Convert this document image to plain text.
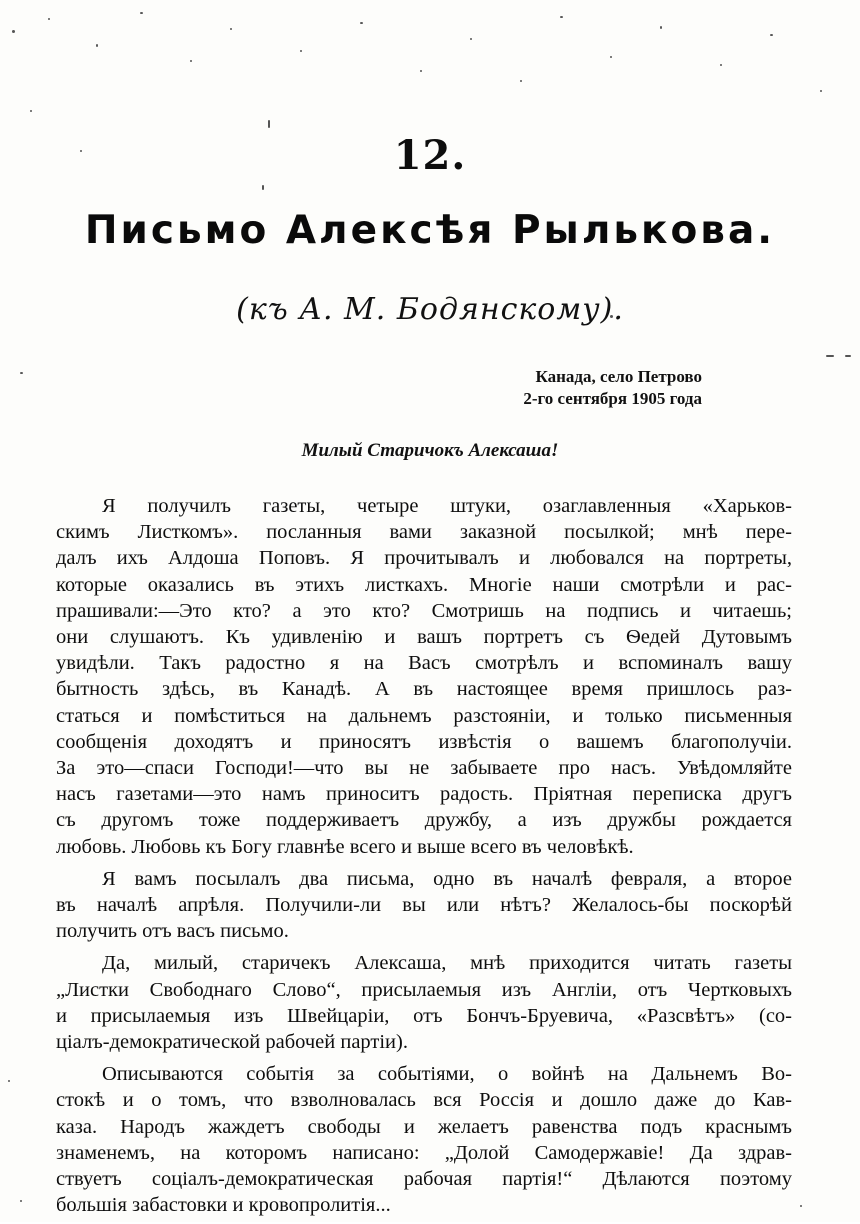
12.
Письмо Алексѣя Рылькова.
(къ А. М. Бодянскому).
Канада, село Петрово
2-го сентября 1905 года
Милый Старичокъ Алексаша!
Я получилъ газеты, четыре штуки, озаглавленныя «Харьков-
скимъ Листкомъ». посланныя вами заказной посылкой; мнѣ пере-
далъ ихъ Алдоша Поповъ. Я прочитывалъ и любовался на портреты,
которые оказались въ этихъ листкахъ. Многіе наши смотрѣли и рас-
прашивали:—Это кто? а это кто? Смотришь на подпись и читаешь;
они слушаютъ. Къ удивленію и вашъ портретъ съ Ѳедей Дутовымъ
увидѣли. Такъ радостно я на Васъ смотрѣлъ и вспоминалъ вашу
бытность здѣсь, въ Канадѣ. А въ настоящее время пришлось раз-
статься и помѣститься на дальнемъ разстояніи, и только письменныя
сообщенія доходятъ и приносятъ извѣстія о вашемъ благополучіи.
За это—спаси Господи!—что вы не забываете про насъ. Увѣдомляйте
насъ газетами—это намъ приноситъ радость. Пріятная переписка другъ
съ другомъ тоже поддерживаетъ дружбу, а изъ дружбы рождается
любовь. Любовь къ Богу главнѣе всего и выше всего въ человѣкѣ.
Я вамъ посылалъ два письма, одно въ началѣ февраля, а второе
въ началѣ апрѣля. Получили-ли вы или нѣтъ? Желалось-бы поскорѣй
получить отъ васъ письмо.
Да, милый, старичекъ Алексаша, мнѣ приходится читать газеты
„Листки Свободнаго Слово“, присылаемыя изъ Англіи, отъ Чертковыхъ
и присылаемыя изъ Швейцаріи, отъ Бончъ-Бруевича, «Разсвѣтъ» (со-
ціалъ-демократической рабочей партіи).
Описываются событія за событіями, о войнѣ на Дальнемъ Во-
стокѣ и о томъ, что взволновалась вся Россія и дошло даже до Кав-
каза. Народъ жаждетъ свободы и желаетъ равенства подъ краснымъ
знаменемъ, на которомъ написано: „Долой Самодержавіе! Да здрав-
ствуетъ соціалъ-демократическая рабочая партія!“ Дѣлаются поэтому
большія забастовки и кровопролитія...
